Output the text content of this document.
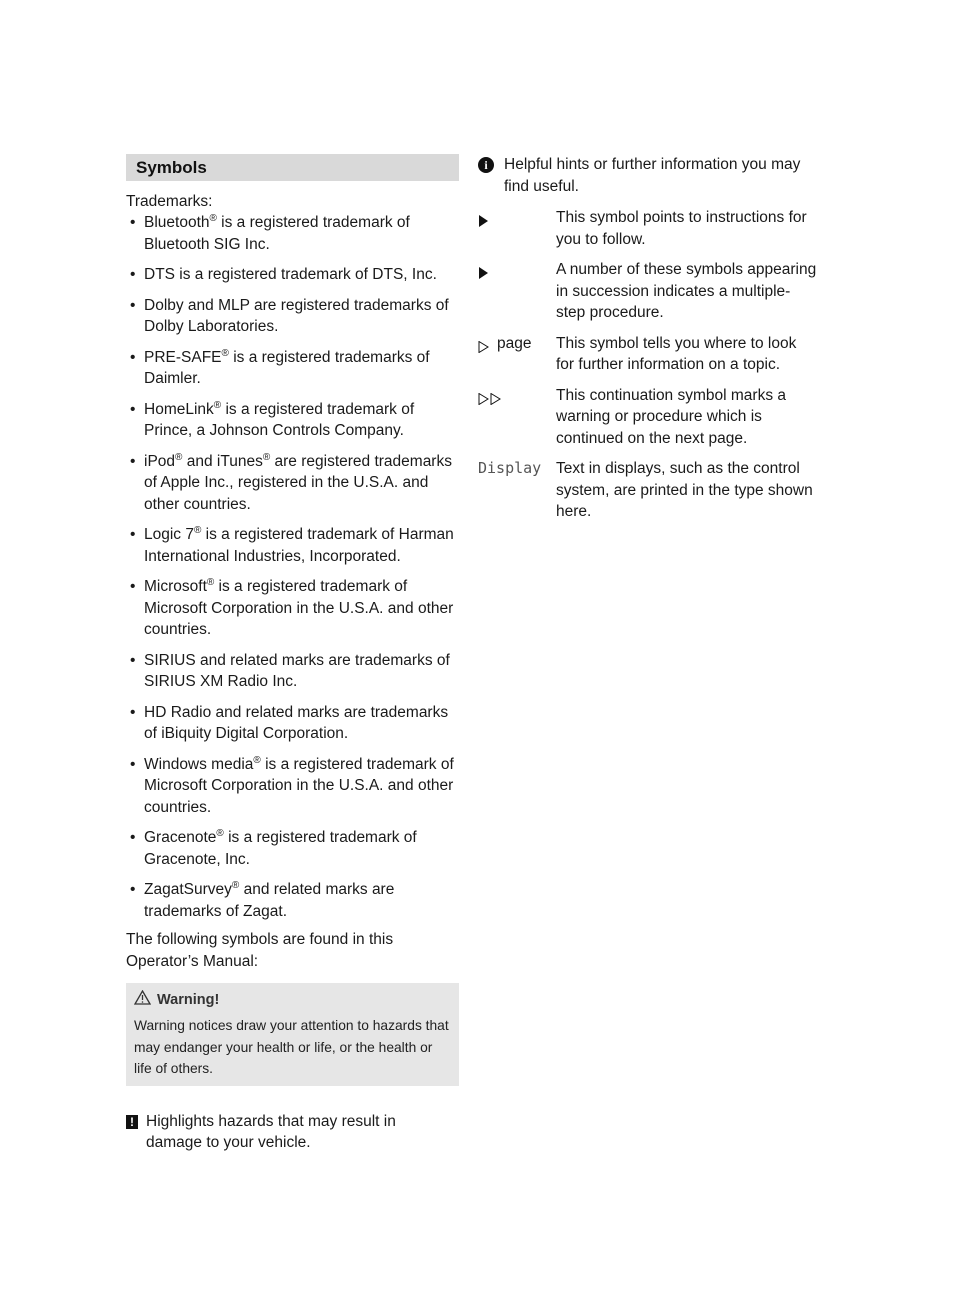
Symbols
Trademarks:
• Bluetooth® is a registered trademark of Bluetooth SIG Inc.
• DTS is a registered trademark of DTS, Inc.
• Dolby and MLP are registered trademarks of Dolby Laboratories.
• PRE-SAFE® is a registered trademarks of Daimler.
• HomeLink® is a registered trademark of Prince, a Johnson Controls Company.
• iPod® and iTunes® are registered trademarks of Apple Inc., registered in the U.S.A. and other countries.
• Logic 7® is a registered trademark of Harman International Industries, Incorporated.
• Microsoft® is a registered trademark of Microsoft Corporation in the U.S.A. and other countries.
• SIRIUS and related marks are trademarks of SIRIUS XM Radio Inc.
• HD Radio and related marks are trademarks of iBiquity Digital Corporation.
• Windows media® is a registered trademark of Microsoft Corporation in the U.S.A. and other countries.
• Gracenote® is a registered trademark of Gracenote, Inc.
• ZagatSurvey® and related marks are trademarks of Zagat.
The following symbols are found in this Operator’s Manual:
Warning!
Warning notices draw your attention to hazards that may endanger your health or life, or the health or life of others.
! Highlights hazards that may result in damage to your vehicle.
i	Helpful hints or further information you may find useful.
This symbol points to instructions for you to follow.
A number of these symbols appearing in succession indicates a multiple-step procedure.
page This symbol tells you where to look for further information on a topic.
This continuation symbol marks a warning or procedure which is continued on the next page.
Display Text in displays, such as the control system, are printed in the type shown here.
